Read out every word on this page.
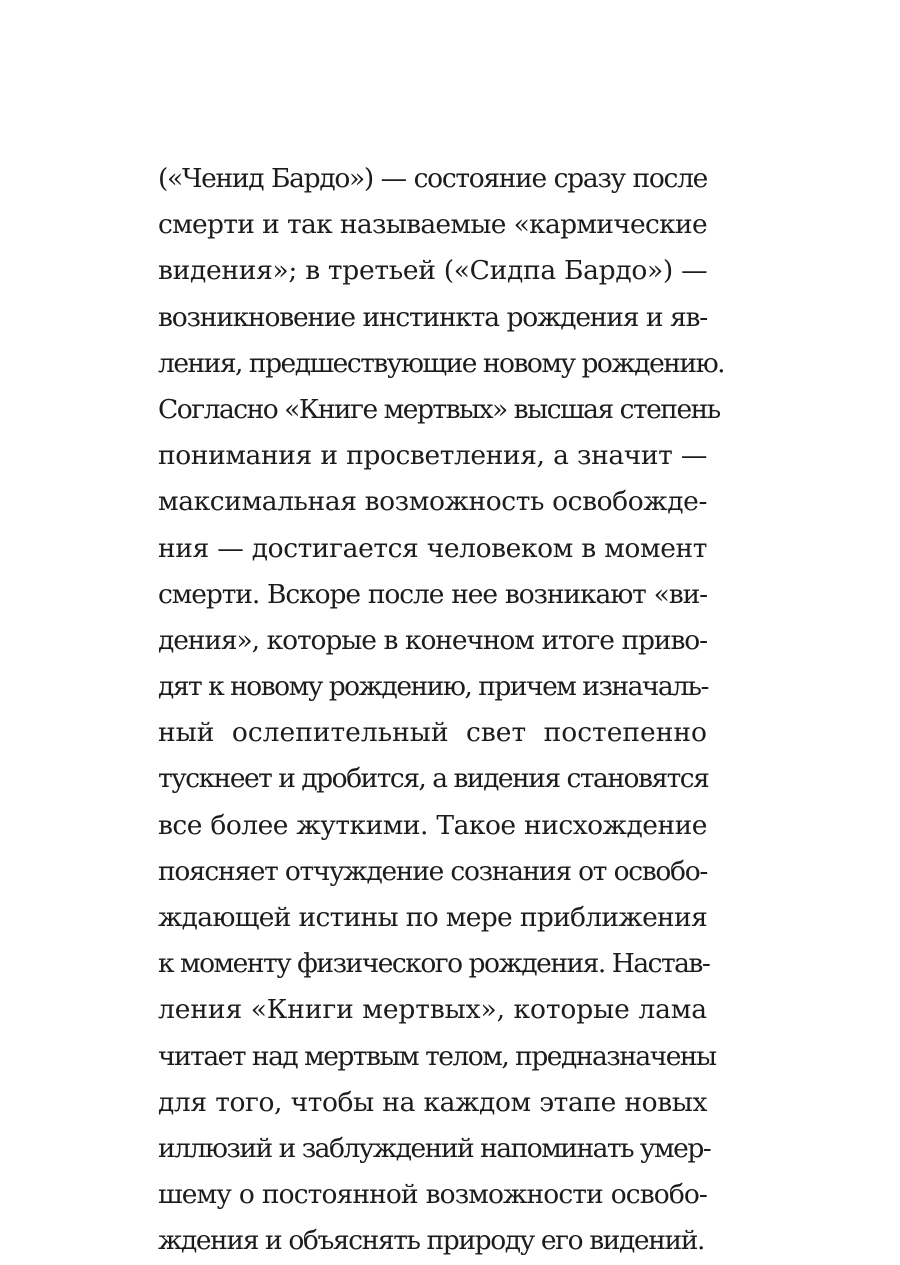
(«Ченид Бардо») — состояние сразу после
смерти и так называемые «кармические
видения»; в третьей («Сидпа Бардо») —
возникновение инстинкта рождения и яв-
ления, предшествующие новому рождению.
Согласно «Книге мертвых» высшая степень
понимания и просветления, а значит —
максимальная возможность освобожде-
ния — достигается человеком в момент
смерти. Вскоре после нее возникают «ви-
дения», которые в конечном итоге приво-
дят к новому рождению, причем изначаль-
ный ослепительный свет постепенно
тускнеет и дробится, а видения становятся
все более жуткими. Такое нисхождение
поясняет отчуждение сознания от освобо-
ждающей истины по мере приближения
к моменту физического рождения. Настав-
ления «Книги мертвых», которые лама
читает над мертвым телом, предназначены
для того, чтобы на каждом этапе новых
иллюзий и заблуждений напоминать умер-
шему о постоянной возможности освобо-
ждения и объяснять природу его видений.
